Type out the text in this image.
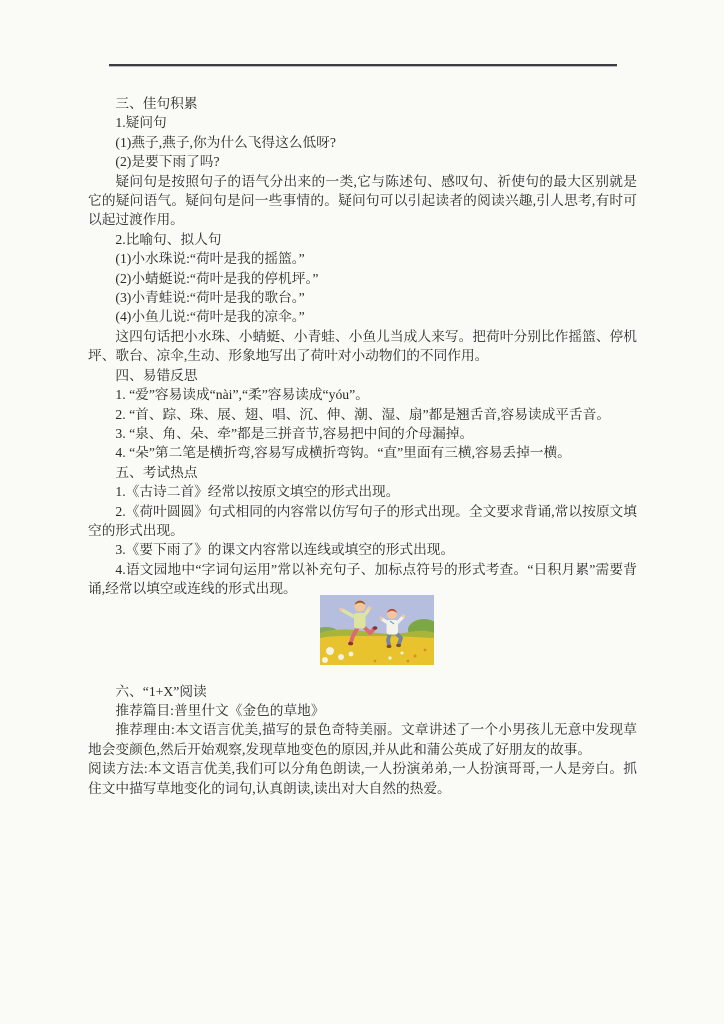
三、佳句积累

1.疑问句

(1)燕子,燕子,你为什么飞得这么低呀?

(2)是要下雨了吗?

疑问句是按照句子的语气分出来的一类,它与陈述句、感叹句、祈使句的最大区别就是它的疑问语气。疑问句是问一些事情的。疑问句可以引起读者的阅读兴趣,引人思考,有时可以起过渡作用。

2.比喻句、拟人句

(1)小水珠说:“荷叶是我的摇篮。”

(2)小蜻蜓说:“荷叶是我的停机坪。”

(3)小青蛙说:“荷叶是我的歌台。”

(4)小鱼儿说:“荷叶是我的凉伞。”

这四句话把小水珠、小蜻蜓、小青蛙、小鱼儿当成人来写。把荷叶分别比作摇篮、停机坪、歌台、凉伞,生动、形象地写出了荷叶对小动物们的不同作用。

四、易错反思

1. “爱”容易读成“nài”,“柔”容易读成“yóu”。

2. “首、踪、珠、展、翅、唱、沉、伸、潮、湿、扇”都是翘舌音,容易读成平舌音。

3. “泉、角、朵、牵”都是三拼音节,容易把中间的介母漏掉。

4. “朵”第二笔是横折弯,容易写成横折弯钩。“直”里面有三横,容易丢掉一横。

五、考试热点

1.《古诗二首》经常以按原文填空的形式出现。

2.《荷叶圆圆》句式相同的内容常以仿写句子的形式出现。全文要求背诵,常以按原文填空的形式出现。

3.《要下雨了》的课文内容常以连线或填空的形式出现。

4.语文园地中“字词句运用”常以补充句子、加标点符号的形式考查。“日积月累”需要背诵,经常以填空或连线的形式出现。

六、“1+X”阅读

推荐篇目:普里什文《金色的草地》

推荐理由:本文语言优美,描写的景色奇特美丽。文章讲述了一个小男孩儿无意中发现草地会变颜色,然后开始观察,发现草地变色的原因,并从此和蒲公英成了好朋友的故事。

阅读方法:本文语言优美,我们可以分角色朗读,一人扮演弟弟,一人扮演哥哥,一人是旁白。抓住文中描写草地变化的词句,认真朗读,读出对大自然的热爱。
